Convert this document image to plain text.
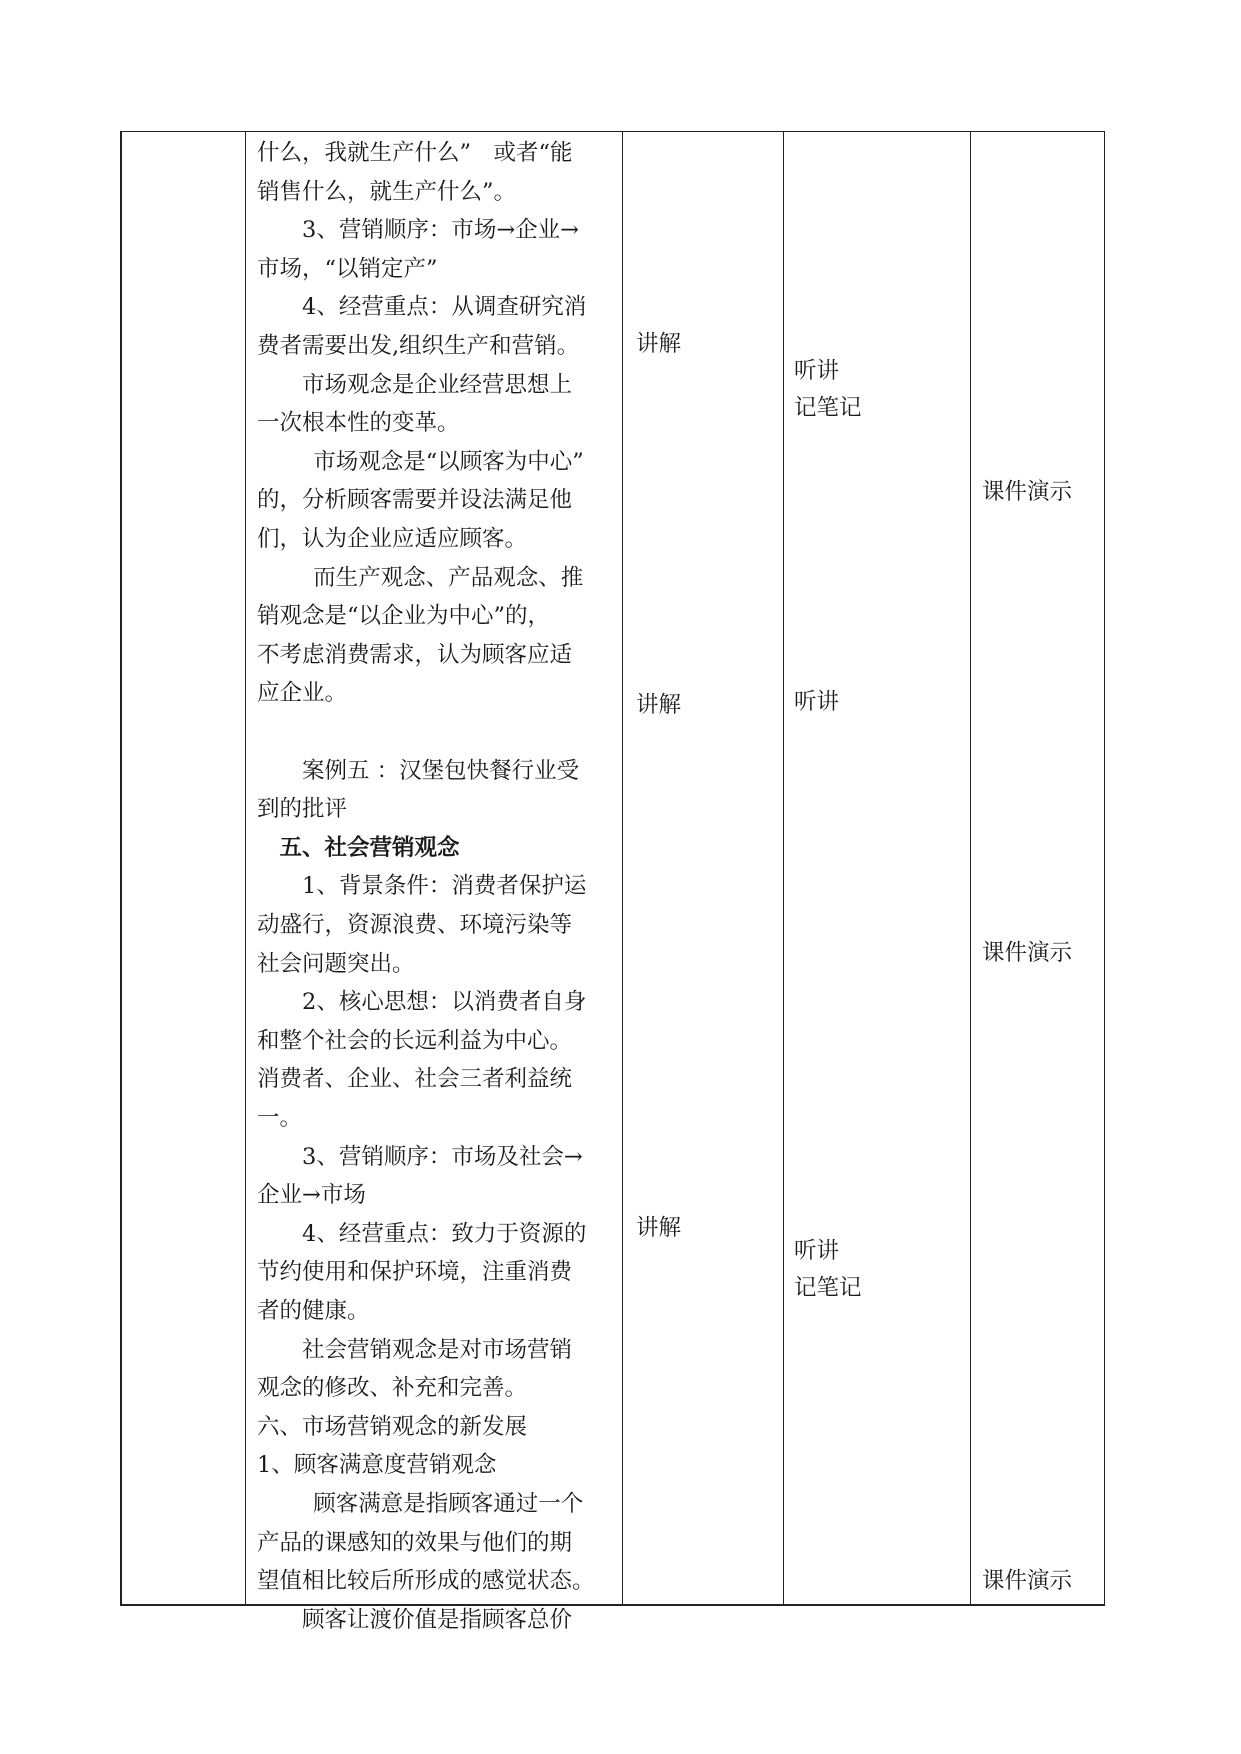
什么，我就生产什么”　或者“能
销售什么，就生产什么”。
3、营销顺序：市场→企业→
市场，“以销定产”
4、经营重点：从调查研究消
费者需要出发,组织生产和营销。
市场观念是企业经营思想上
一次根本性的变革。
市场观念是“以顾客为中心”
的，分析顾客需要并设法满足他
们，认为企业应适应顾客。
而生产观念、产品观念、推
销观念是“以企业为中心”的，
不考虑消费需求，认为顾客应适
应企业。
案例五 ：汉堡包快餐行业受
到的批评
五、社会营销观念
1、背景条件：消费者保护运
动盛行，资源浪费、环境污染等
社会问题突出。
2、核心思想：以消费者自身
和整个社会的长远利益为中心。
消费者、企业、社会三者利益统
一。
3、营销顺序：市场及社会→
企业→市场
4、经营重点：致力于资源的
节约使用和保护环境，注重消费
者的健康。
社会营销观念是对市场营销
观念的修改、补充和完善。
六、市场营销观念的新发展
1、顾客满意度营销观念
顾客满意是指顾客通过一个
产品的课感知的效果与他们的期
望值相比较后所形成的感觉状态。
顾客让渡价值是指顾客总价
讲解
讲解
讲解
听讲
记笔记
听讲
听讲
记笔记
课件演示
课件演示
课件演示
